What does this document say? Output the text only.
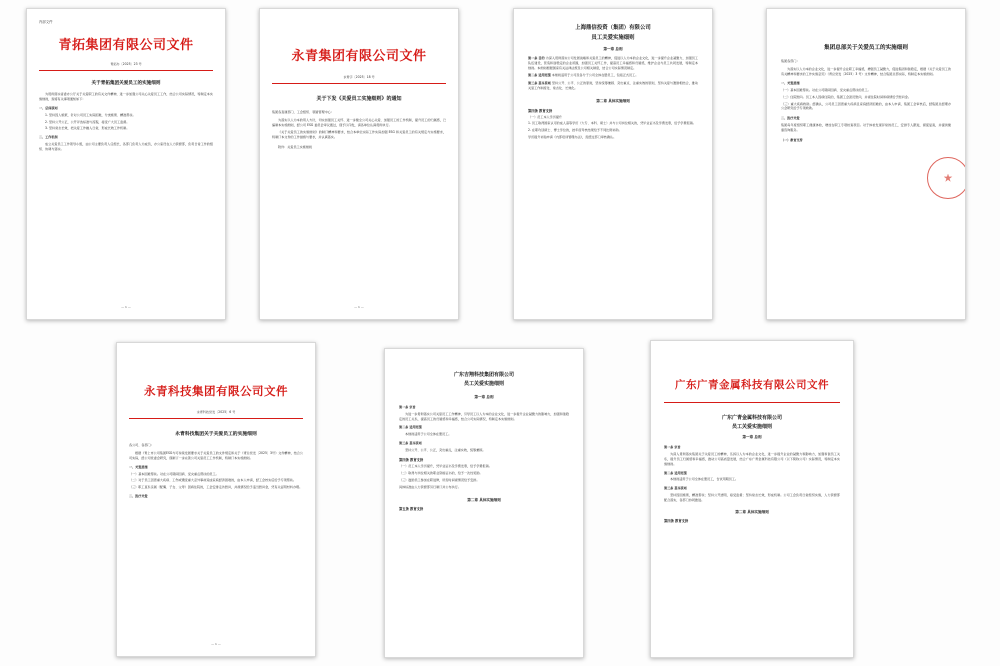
内部文件
青拓集团有限公司文件
青拓办〔2025〕23 号
关于青拓集团关爱员工的实施细则
为贯彻落实省委办公厅关于关爱职工的有关文件精神，进一步加强公司关心关爱员工工作，结合公司实际情况，特制定本实施细则，现将有关事项通知如下：
一、总体原则
1. 坚持因人施策，针对公司员工实际困难，分类施策、精准帮扶。
2. 坚持公开公正，公开评选标准与流程，接受广大员工监督。
3. 坚持常态长效，把关爱工作融入日常，形成长效工作机制。
二、工作机制
成立关爱员工工作领导小组，由公司主要负责人任组长，各部门负责人为成员，办公室设在人力资源部，负责日常工作的组织、协调与落实。
— 1 —
永青集团有限公司文件
永青字〔2025〕18 号
关于下发《关爱员工实施细则》的通知
集团各直属部门、工会组织、领属管理中心：
为落实以人为本的用人方针，切实加强员工关怀、进一步健全公司关心关爱、加强员工的工作机制，提升员工的归属感，已编制本实施细则，经公司 ESG 委员会审议通过，现予以印发，请各单位认真贯彻执行。
《关于关爱员工的实施细则》的制订精神和要求，结合本单位实际工作实际加强 ESG 和关爱员工的有关规定与实施要求，特制订本文件的工作措施与要求，并认真落实。
附件：关爱员工实施细则
— 1 —
上海鼎信投资（集团）有限公司
员工关爱实施细则
第一章 总则
第一条 目的 为深入贯彻落实公司发展战略和关爱员工的精神，促进以人为本的企业文化，进一步提升企业凝聚力，加强员工队伍建设，营造和谐稳定的企业氛围，加强员工关怀工作，提高员工幸福感和归属感，维护企业与员工共同发展，特制定本细则。本细则根据国家有关法律法规及公司相关制度，结合公司实际情况制定。
第二条 适用范围 本细则适用于公司及各分子公司全体在册员工，包括正式员工。
第三条 基本原则 坚持公开、公平、公正的原则，坚持统筹兼顾、突出重点、注重实效的原则，坚持关爱与激励相结合，推动关爱工作制度化、常态化、长效化。
第二章 具体实施细则
第四条 教育支持
（一）员工本人学历提升
1. 员工取得国家认可的成人高等学历（大专、本科、硕士）并与公司岗位相关的，凭毕业证书及学费发票，给予学费报销。
2. 在职攻读硕士、博士学位的，按年度考核结果给予不同比例补助。
学历提升补贴申请《内部培训管理办法》，需经过部门审核确认。
集团总部关于关爱员工的实施细则
集团各部门：
为落实以人为本的企业文化，进一步提升企业职工幸福感，增强员工凝聚力，促进集团和谐稳定，根据《关于关爱员工的有关精神和要求的工作实施意见》（青总党发〔2025〕3 号）文件精神，结合集团总部实际，特制定本实施细则。
一、关爱措施
（一）基本困难帮扶。对在公司期间因病、受灾重点帮扶的员工。
（二）住院慰问。员工本人因病住院的，集团工会派员慰问，并视住院时间和病情给予慰问金。
（三）重大疾病救助。经确认，公司员工因患重大疾病且家庭经济困难的，由本人申请，集团工会审核后，经集团总经理办公会研究给予专项救助。
二、医疗关爱
集团每年度组织职工健康体检，增加女职工专项检查项目。对于体检发现异常的员工，安排专人跟进，督促复查，并提供健康咨询服务。
（一）教育支持
永青科技集团有限公司文件
永青科技党发〔2025〕6 号
永青科技集团关于关爱员工的实施细则
各公司、各部门：
根据《青上市公司集团ESG与可持续发展要求关于关爱员工的文件规定和关于《青总党发〔2025〕3号》文件精神，结合公司实际，经公司党委会研究，现制订一步完善公司关爱员工工作机制，特制订本实施细则。
一、关爱措施
（一）基本困难帮扶。对在公司期间因病、受灾重点帮扶的员工。
（二）对于员工因患重大疾病、工伤或遭受重大意外事故造成家庭经济困难的，由本人申请，经工会核实后给予专项帮扶。
（三）职工直系亲属（配偶、子女、父母）因病住院的，工会安排走访慰问，并视情况给予适当慰问金，凭有关证明材料办理。
二、医疗关爱
— 1 —
广东吉翔科技集团有限公司
员工关爱实施细则
第一章 总则
第一条 宗旨
为进一步贯彻落实公司关爱员工工作精神，引导员工以人为本的企业文化，进一步提升企业凝聚力的影响力，加强和谐稳定的员工关系，提高员工的归属感和幸福感，结合公司实际情况，特制定本实施细则。
第二条 适用范围
本细则适用于公司全体在册员工。
第三条 基本原则
坚持公开、公平、公正，突出重点，注重实效，统筹兼顾。
第四条 教育支持
（一）员工本人学历提升，凭毕业证书及学费发票，给予学费报销。
（二）取得与岗位相关的职业资格证书的，给予一次性奖励。
（三）鼓励员工参加在职进修，所需时间视情况给予安排。
具体标准由人力资源部另行制订并公布执行。
第二章 具体实施细则
第五条 教育支持
广东广青金属科技有限公司文件
广东广青金属科技有限公司
员工关爱实施细则
第一章 总则
第一条 宗旨
为深入贯彻落实集团关于关爱员工的精神，弘扬以人为本的企业文化，进一步提升企业的凝聚力和影响力，加强和谐员工关系，提升员工归属感和幸福感，推动公司高质量发展，结合广东广青金属科技有限公司（以下简称公司）实际情况，特制定本实施细则。
第二条 适用范围
本细则适用于公司全体在册员工，含试用期员工。
第三条 基本原则
坚持因困施策，精准帮扶；坚持公开透明，接受监督；坚持常态长效，形成机制。公司工会负责日常组织实施，人力资源部配合落实，各部门协同推进。
第二章 具体实施细则
第四条 教育支持
